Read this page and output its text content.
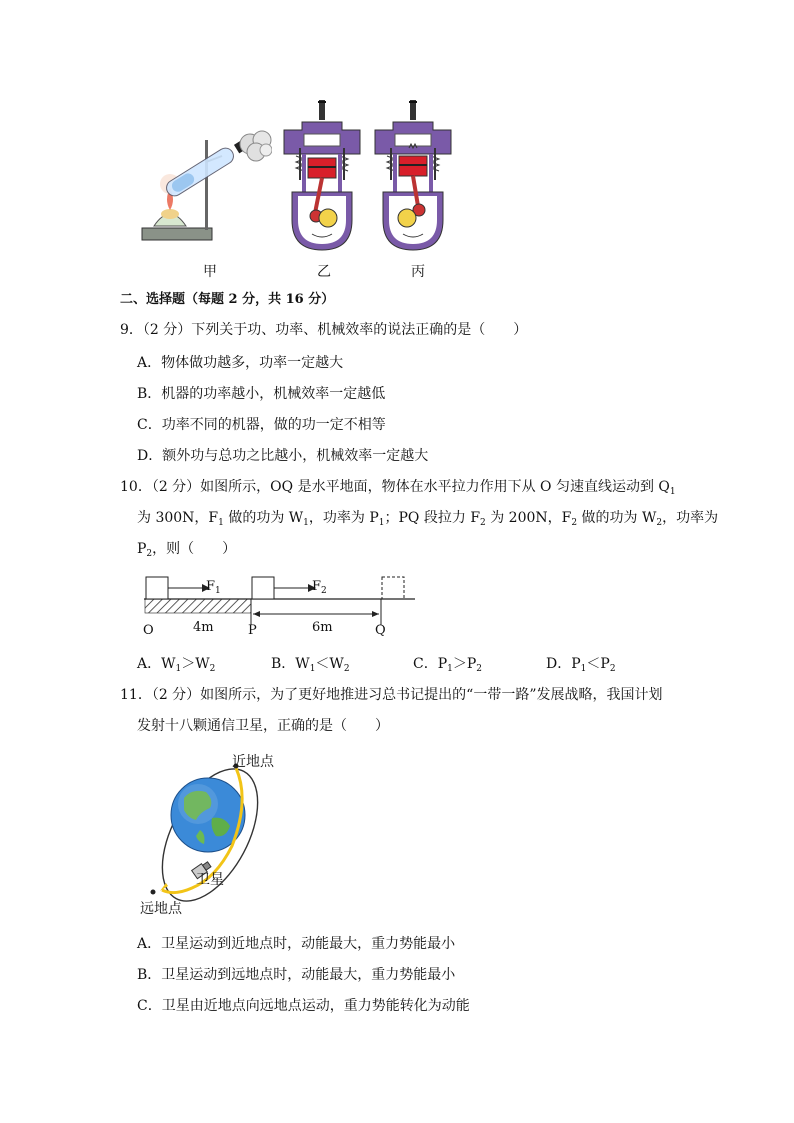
甲	乙	丙
二、选择题（每题 2 分，共 16 分）
9．（2 分）下列关于功、功率、机械效率的说法正确的是（　　）
A．物体做功越多，功率一定越大
B．机器的功率越小，机械效率一定越低
C．功率不同的机器，做的功一定不相等
D．额外功与总功之比越小，机械效率一定越大
10．（2 分）如图所示，OQ 是水平地面，物体在水平拉力作用下从 O 匀速直线运动到 $Q_1$
为 300N，$F_1$ 做的功为 $W_1$，功率为 $P_1$；PQ 段拉力 $F_2$ 为 200N，$F_2$ 做的功为 $W_2$，功率为
$P_2$，则（　　）
$F_1$	$F_2$
4m	6m
O	P	Q
A．$W_1>W_2$	B．$W_1<W_2$	C．$P_1>P_2$	D．$P_1<P_2$
11．（2 分）如图所示，为了更好地推进习总书记提出的“一带一路”发展战略，我国计划
发射十八颗通信卫星，正确的是（　　）
近地点
卫星
远地点
A．卫星运动到近地点时，动能最大，重力势能最小
B．卫星运动到远地点时，动能最大，重力势能最小
C．卫星由近地点向远地点运动，重力势能转化为动能
